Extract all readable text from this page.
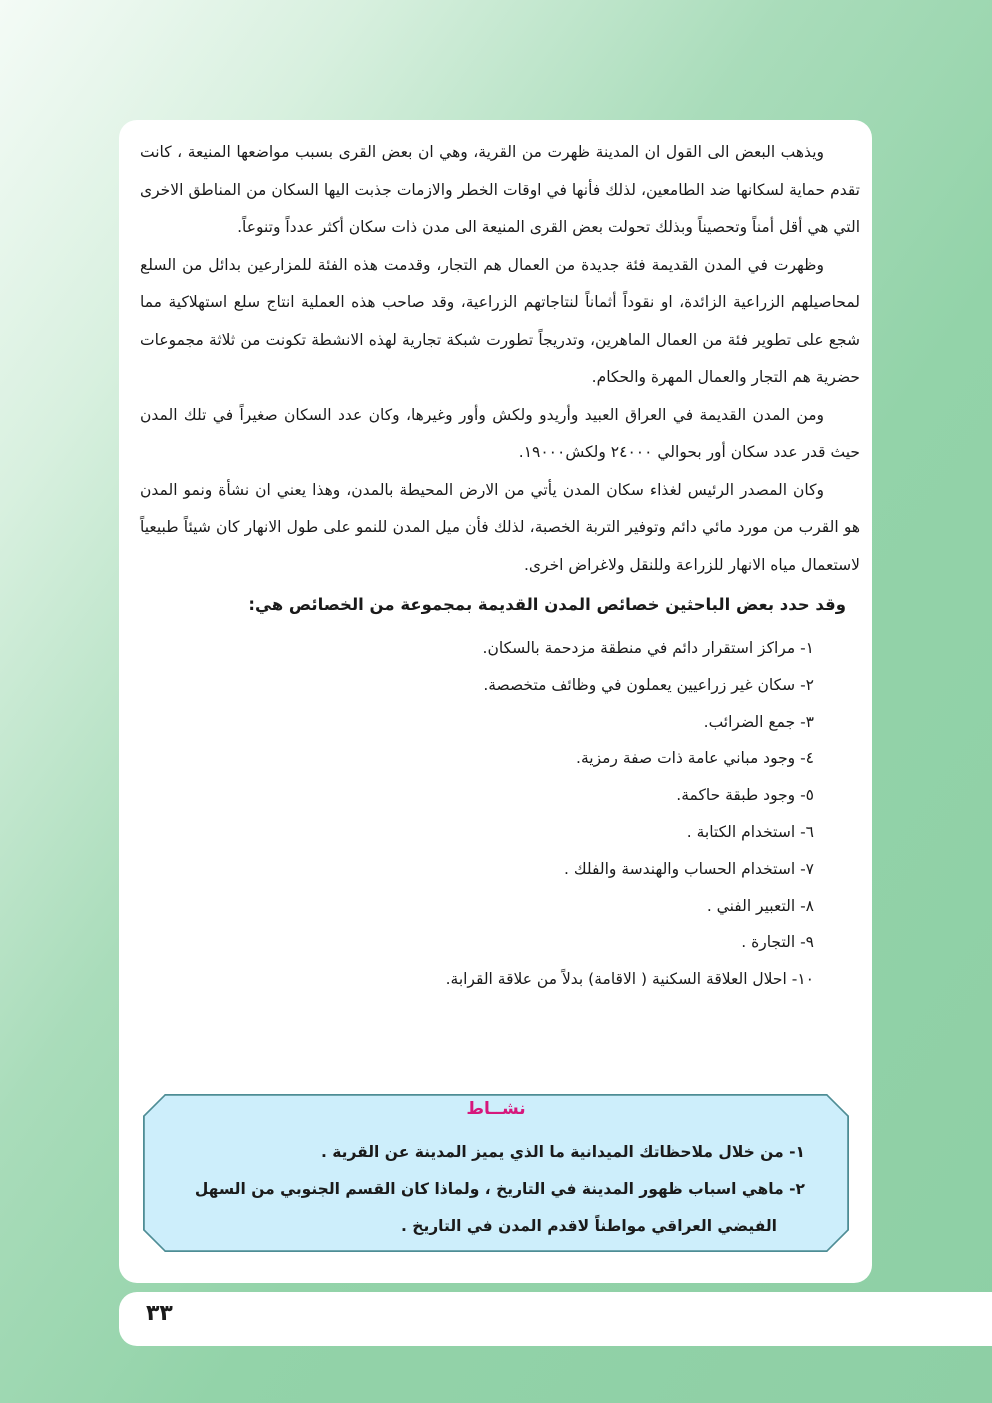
ويذهب البعض الى القول ان المدينة ظهرت من القرية، وهي ان بعض القرى بسبب مواضعها المنيعة ، كانت تقدم حماية لسكانها ضد الطامعين، لذلك فأنها في اوقات الخطر والازمات جذبت اليها السكان من المناطق الاخرى التي هي أقل أمناً وتحصيناً وبذلك تحولت بعض القرى المنيعة الى مدن ذات سكان أكثر عدداً وتنوعاً.

وظهرت في المدن القديمة فئة جديدة من العمال هم التجار، وقدمت هذه الفئة للمزارعين بدائل من السلع لمحاصيلهم الزراعية الزائدة، او نقوداً أثماناً لنتاجاتهم الزراعية، وقد صاحب هذه العملية انتاج سلع استهلاكية مما شجع على تطوير فئة من العمال الماهرين، وتدريجاً تطورت شبكة تجارية لهذه الانشطة تكونت من ثلاثة مجموعات حضرية هم التجار والعمال المهرة والحكام.

ومن المدن القديمة في العراق العبيد وأريدو ولكش وأور وغيرها، وكان عدد السكان صغيراً في تلك المدن حيث قدر عدد سكان أور بحوالي ٢٤٠٠٠ ولكش١٩٠٠٠.

وكان المصدر الرئيس لغذاء سكان المدن يأتي من الارض المحيطة بالمدن، وهذا يعني ان نشأة ونمو المدن هو القرب من مورد مائي دائم وتوفير التربة الخصبة، لذلك فأن ميل المدن للنمو على طول الانهار كان شيئاً طبيعياً لاستعمال مياه الانهار للزراعة وللنقل ولاغراض اخرى.

وقد حدد بعض الباحثين خصائص المدن القديمة بمجموعة من الخصائص هي:
١- مراكز استقرار دائم في منطقة مزدحمة بالسكان.
٢- سكان غير زراعيين يعملون في وظائف متخصصة.
٣- جمع الضرائب.
٤- وجود مباني عامة ذات صفة رمزية.
٥- وجود طبقة حاكمة.
٦- استخدام الكتابة .
٧- استخدام الحساب والهندسة والفلك .
٨- التعبير الفني .
٩- التجارة .
١٠- احلال العلاقة السكنية ( الاقامة) بدلاً من علاقة القرابة.
نشــاط

١- من خلال ملاحظاتك الميدانية ما الذي يميز المدينة عن القرية .

٢- ماهي اسباب ظهور المدينة في التاريخ ، ولماذا كان القسم الجنوبي من السهل

الفيضي العراقي مواطناً لاقدم المدن في التاريخ .

٣٣
